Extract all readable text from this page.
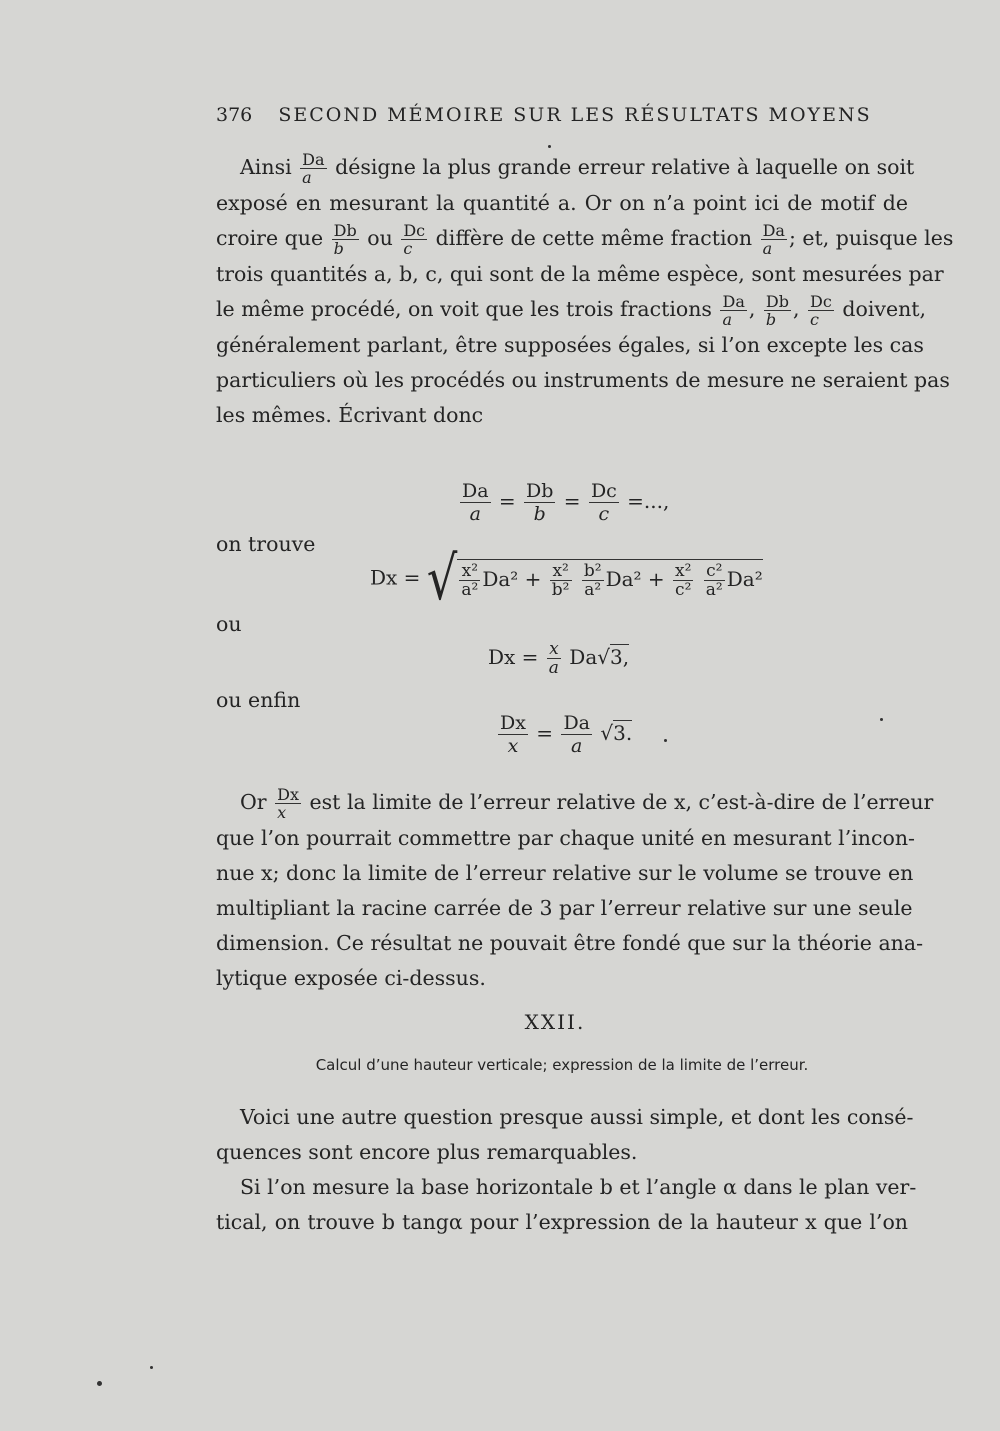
376 SECOND MÉMOIRE SUR LES RÉSULTATS MOYENS
Ainsi $\frac{Da}{a}$ désigne la plus grande erreur relative à laquelle on soit
exposé en mesurant la quantité a. Or on n’a point ici de motif de
croire que $\frac{Db}{b}$ ou $\frac{Dc}{c}$ diffère de cette même fraction $\frac{Da}{a}$ ; et, puisque les
trois quantités a, b, c, qui sont de la même espèce, sont mesurées par
le même procédé, on voit que les trois fractions $\frac{Da}{a}$ , $\frac{Db}{b}$ , $\frac{Dc}{c}$ doivent,
généralement parlant, être supposées égales, si l’on excepte les cas
particuliers où les procédés ou instruments de mesure ne seraient pas
les mêmes. Écrivant donc
$\frac{Da}{a} = \frac{Db}{b} = \frac{Dc}{c}$ =...,
on trouve
Dx = √ $\frac{\text{x²}}{\text{a²}} Da^2 + \frac{\text{x²}}{\text{b²}}$
$\frac{\text{b²}}{\text{a²}} Da^2 + \frac{\text{x²}}{\text{c²}}$
$\frac{\text{c²}}{\text{a²}} Da^2$
ou
$Dx = \frac{x}{a} Da√3$,
ou enfin
$\frac{Dx}{x} = \frac{Da}{a} √3$.
Or $\frac{Dx}{x}$ est la limite de l’erreur relative de x, c’est-à-dire de l’erreur
que l’on pourrait commettre par chaque unité en mesurant l’incon-
nue x; donc la limite de l’erreur relative sur le volume se trouve en
multipliant la racine carrée de 3 par l’erreur relative sur une seule
dimension. Ce résultat ne pouvait être fondé que sur la théorie ana-
lytique exposée ci-dessus.
XXII.
Calcul d’une hauteur verticale; expression de la limite de l’erreur.
Voici une autre question presque aussi simple, et dont les consé-
quences sont encore plus remarquables.
Si l’on mesure la base horizontale b et l’angle α dans le plan ver-
tical, on trouve b tangα pour l’expression de la hauteur x que l’on
